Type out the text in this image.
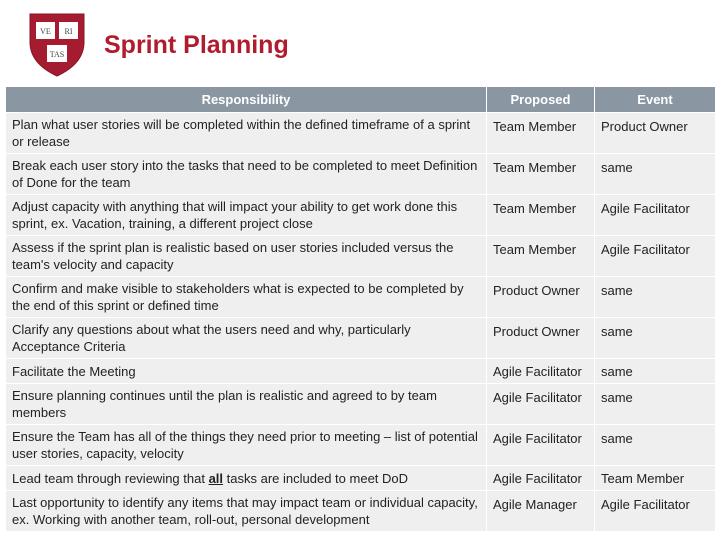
VE RI
TAS Sprint Planning
Responsibility	Proposed	Event
Plan what user stories will be completed within the defined timeframe of a sprint or release	Team Member	Product Owner
Break each user story into the tasks that need to be completed to meet Definition of Done for the team	Team Member	same
Adjust capacity with anything that will impact your ability to get work done this sprint, ex. Vacation, training, a different project close	Team Member	Agile Facilitator
Assess if the sprint plan is realistic based on user stories included versus the team's velocity and capacity	Team Member	Agile Facilitator
Confirm and make visible to stakeholders what is expected to be completed by the end of this sprint or defined time	Product Owner	same
Clarify any questions about what the users need and why, particularly Acceptance Criteria	Product Owner	same
Facilitate the Meeting	Agile Facilitator	same
Ensure planning continues until the plan is realistic and agreed to by team members	Agile Facilitator	same
Ensure the Team has all of the things they need prior to meeting – list of potential user stories, capacity, velocity	Agile Facilitator	same
Lead team through reviewing that all tasks are included to meet DoD	Agile Facilitator	Team Member
Last opportunity to identify any items that may impact team or individual capacity, ex. Working with another team, roll-out, personal development	Agile Manager	Agile Facilitator
